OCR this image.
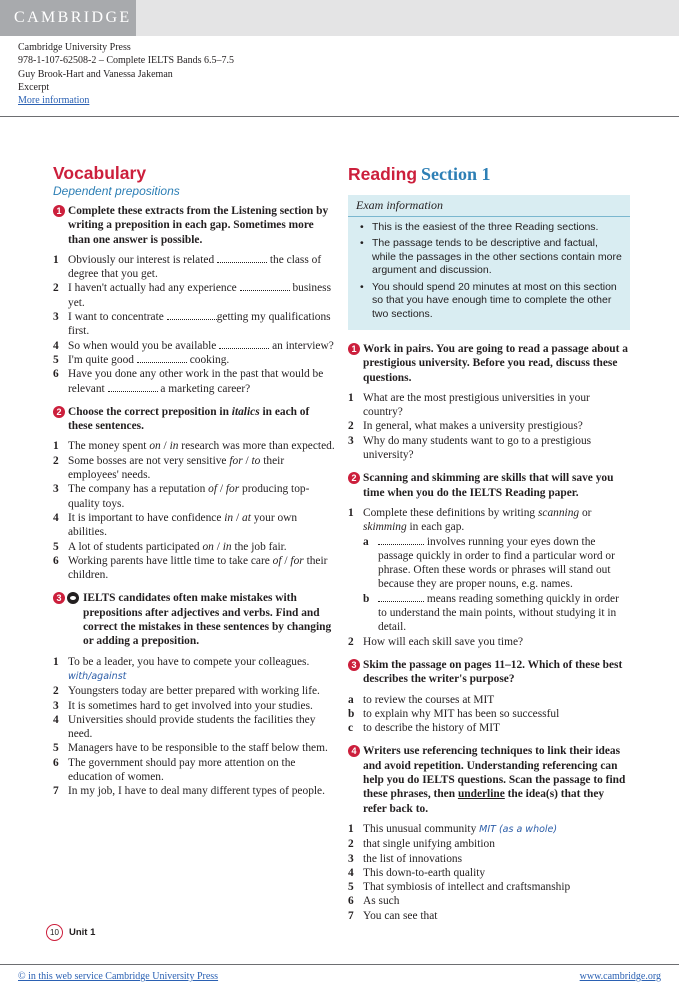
CAMBRIDGE
Cambridge University Press
978-1-107-62508-2 – Complete IELTS Bands 6.5–7.5
Guy Brook-Hart and Vanessa Jakeman
Excerpt
More information
Vocabulary
Dependent prepositions
1 Complete these extracts from the Listening section by writing a preposition in each gap. Sometimes more than one answer is possible.
1 Obviously our interest is related	the class of degree that you get.
2 I haven't actually had any experience	business yet.
3 I want to concentrate	getting my qualifications first.
4 So when would you be available	an interview?
5 I'm quite good	cooking.
6 Have you done any other work in the past that would be relevant	a marketing career?
2 Choose the correct preposition in italics in each of these sentences.
1 The money spent on / in research was more than expected.
2 Some bosses are not very sensitive for / to their employees' needs.
3 The company has a reputation of / for producing top-quality toys.
4 It is important to have confidence in / at your own abilities.
5 A lot of students participated on / in the job fair.
6 Working parents have little time to take care of / for their children.
3	IELTS candidates often make mistakes with prepositions after adjectives and verbs. Find and correct the mistakes in these sentences by changing or adding a preposition.
1 To be a leader, you have to compete your colleagues. with/against
2 Youngsters today are better prepared with working life.
3 It is sometimes hard to get involved into your studies.
4 Universities should provide students the facilities they need.
5 Managers have to be responsible to the staff below them.
6 The government should pay more attention on the education of women.
7 In my job, I have to deal many different types of people.
Reading Section 1
Exam information
• This is the easiest of the three Reading sections.
• The passage tends to be descriptive and factual, while the passages in the other sections contain more argument and discussion.
• You should spend 20 minutes at most on this section so that you have enough time to complete the other two sections.
1 Work in pairs. You are going to read a passage about a prestigious university. Before you read, discuss these questions.
1 What are the most prestigious universities in your country?
2 In general, what makes a university prestigious?
3 Why do many students want to go to a prestigious university?
2 Scanning and skimming are skills that will save you time when you do the IELTS Reading paper.
1 Complete these definitions by writing scanning or skimming in each gap.
a	involves running your eyes down the passage quickly in order to find a particular word or phrase. Often these words or phrases will stand out because they are proper nouns, e.g. names.
b	means reading something quickly in order to understand the main points, without studying it in detail.
2 How will each skill save you time?
3 Skim the passage on pages 11–12. Which of these best describes the writer's purpose?
a to review the courses at MIT
b to explain why MIT has been so successful
c to describe the history of MIT
4 Writers use referencing techniques to link their ideas and avoid repetition. Understanding referencing can help you do IELTS questions. Scan the passage to find these phrases, then underline the idea(s) that they refer back to.
1 This unusual community MIT (as a whole)
2 that single unifying ambition
3 the list of innovations
4 This down-to-earth quality
5 That symbiosis of intellect and craftsmanship
6 As such
7 You can see that
10	Unit 1
© in this web service Cambridge University Press	www.cambridge.org
